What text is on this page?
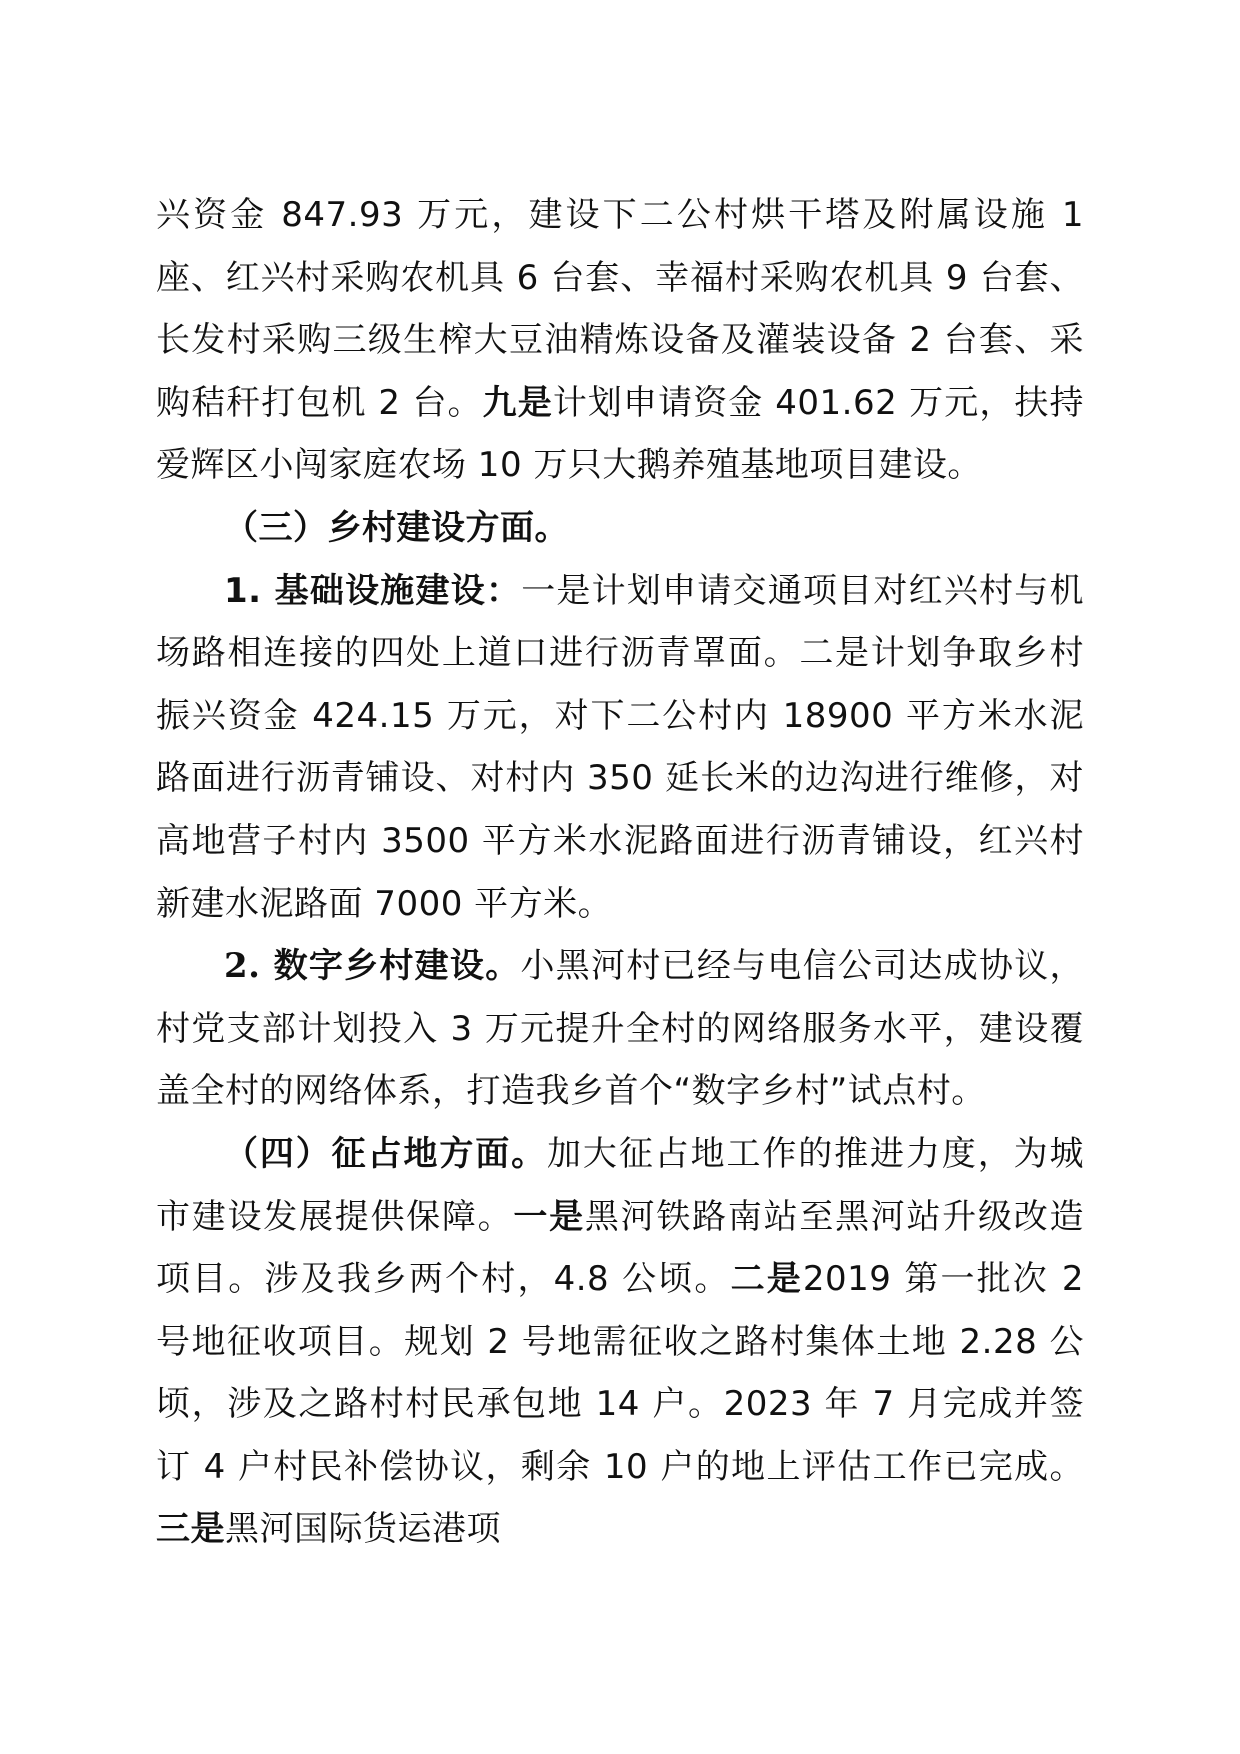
兴资金 847.93 万元，建设下二公村烘干塔及附属设施 1 座、红兴村采购农机具 6 台套、幸福村采购农机具 9 台套、长发村采购三级生榨大豆油精炼设备及灌装设备 2 台套、采购秸秆打包机 2 台。九是计划申请资金 401.62 万元，扶持爱辉区小闯家庭农场 10 万只大鹅养殖基地项目建设。

（三）乡村建设方面。

1. 基础设施建设：一是计划申请交通项目对红兴村与机场路相连接的四处上道口进行沥青罩面。二是计划争取乡村振兴资金 424.15 万元，对下二公村内 18900 平方米水泥路面进行沥青铺设、对村内 350 延长米的边沟进行维修，对高地营子村内 3500 平方米水泥路面进行沥青铺设，红兴村新建水泥路面 7000 平方米。

2. 数字乡村建设。小黑河村已经与电信公司达成协议，村党支部计划投入 3 万元提升全村的网络服务水平，建设覆盖全村的网络体系，打造我乡首个“数字乡村”试点村。

（四）征占地方面。加大征占地工作的推进力度，为城市建设发展提供保障。一是黑河铁路南站至黑河站升级改造项目。涉及我乡两个村，4.8 公顷。二是2019 第一批次 2 号地征收项目。规划 2 号地需征收之路村集体土地 2.28 公顷，涉及之路村村民承包地 14 户。2023 年 7 月完成并签订 4 户村民补偿协议，剩余 10 户的地上评估工作已完成。三是黑河国际货运港项
